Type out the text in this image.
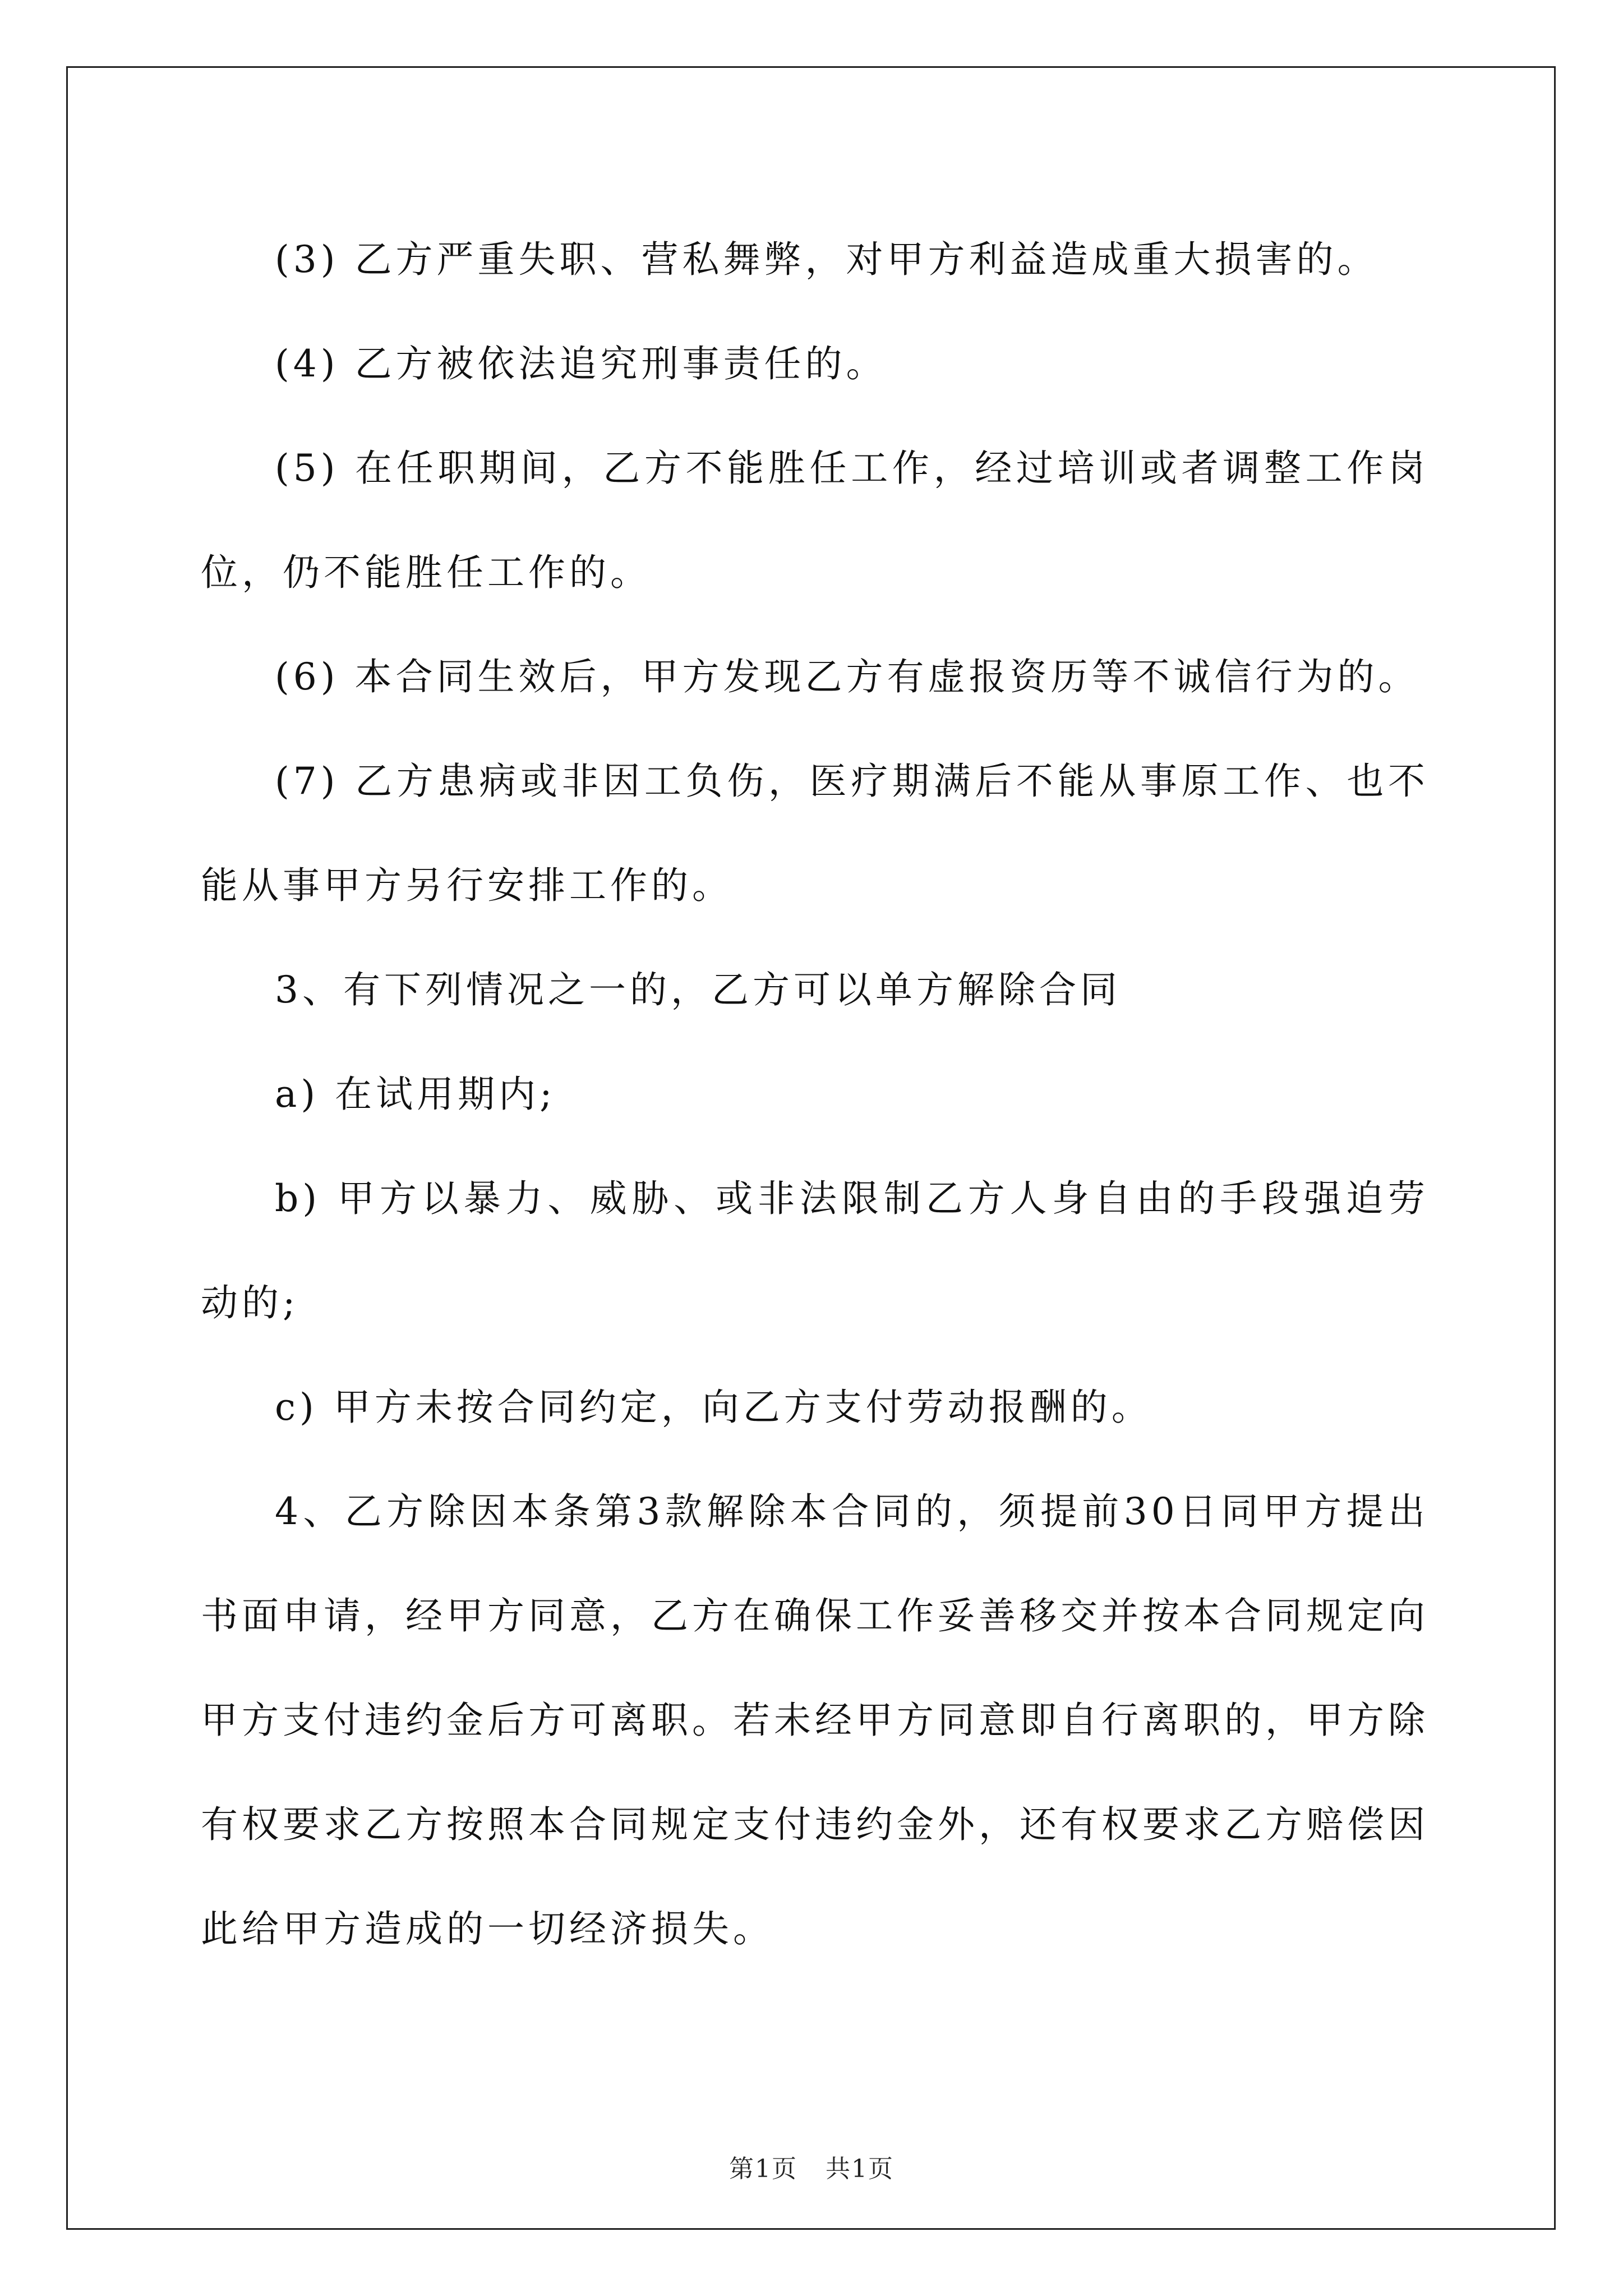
(3) 乙方严重失职、营私舞弊，对甲方利益造成重大损害的。

(4) 乙方被依法追究刑事责任的。

(5) 在任职期间，乙方不能胜任工作，经过培训或者调整工作岗位，仍不能胜任工作的。

(6) 本合同生效后，甲方发现乙方有虚报资历等不诚信行为的。

(7) 乙方患病或非因工负伤，医疗期满后不能从事原工作、也不能从事甲方另行安排工作的。

3、有下列情况之一的，乙方可以单方解除合同

a) 在试用期内;

b) 甲方以暴力、威胁、或非法限制乙方人身自由的手段强迫劳动的;

c) 甲方未按合同约定，向乙方支付劳动报酬的。

4、乙方除因本条第3款解除本合同的，须提前30日同甲方提出书面申请，经甲方同意，乙方在确保工作妥善移交并按本合同规定向甲方支付违约金后方可离职。若未经甲方同意即自行离职的，甲方除有权要求乙方按照本合同规定支付违约金外，还有权要求乙方赔偿因此给甲方造成的一切经济损失。

第1页 共1页
